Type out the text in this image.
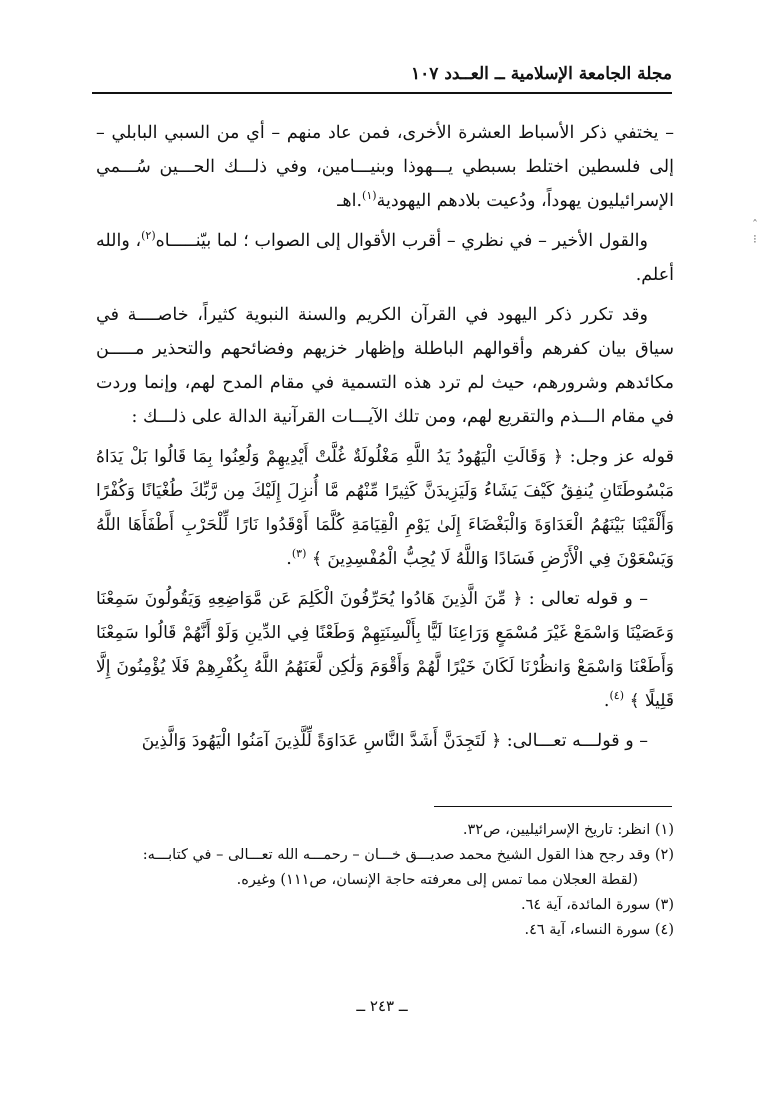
مجلة الجامعة الإسلامية ــ العــدد ١٠٧
ˆ
⁝

– يختفي ذكر الأسباط العشرة الأخرى، فمن عاد منهم – أي من السبي البابلي – إلى فلسطين اختلط بسبطي يـــهوذا وبنيـــامين، وفي ذلـــك الحـــين سُـــمي الإسرائيليون يهوداً، ودُعيت بلادهم اليهودية$^{(١)}$.اهـ

والقول الأخير – في نظري – أقرب الأقوال إلى الصواب ؛ لما بيّنـــــاه$^{(٢)}$، والله أعلم.

وقد تكرر ذكر اليهود في القرآن الكريم والسنة النبوية كثيراً، خاصــــة في سياق بيان كفرهم وأقوالهم الباطلة وإظهار خزيهم وفضائحهم والتحذير مـــــن مكائدهم وشرورهم، حيث لم ترد هذه التسمية في مقام المدح لهم، وإنما وردت في مقام الـــذم والتقريع لهم، ومن تلك الآيـــات القرآنية الدالة على ذلـــك :

قوله عز وجل: ﴿ وَقَالَتِ الْيَهُودُ يَدُ اللَّهِ مَغْلُولَةٌ غُلَّتْ أَيْدِيهِمْ وَلُعِنُوا بِمَا قَالُوا بَلْ يَدَاهُ مَبْسُوطَتَانِ يُنفِقُ كَيْفَ يَشَاءُ وَلَيَزِيدَنَّ كَثِيرًا مِّنْهُم مَّا أُنزِلَ إِلَيْكَ مِن رَّبِّكَ طُغْيَانًا وَكُفْرًا وَأَلْقَيْنَا بَيْنَهُمُ الْعَدَاوَةَ وَالْبَغْضَاءَ إِلَىٰ يَوْمِ الْقِيَامَةِ كُلَّمَا أَوْقَدُوا نَارًا لِّلْحَرْبِ أَطْفَأَهَا اللَّهُ وَيَسْعَوْنَ فِي الْأَرْضِ فَسَادًا وَاللَّهُ لَا يُحِبُّ الْمُفْسِدِينَ ﴾ $^{(٣)}$.

– و قوله تعالى : ﴿ مِّنَ الَّذِينَ هَادُوا يُحَرِّفُونَ الْكَلِمَ عَن مَّوَاضِعِهِ وَيَقُولُونَ سَمِعْنَا وَعَصَيْنَا وَاسْمَعْ غَيْرَ مُسْمَعٍ وَرَاعِنَا لَيًّا بِأَلْسِنَتِهِمْ وَطَعْنًا فِي الدِّينِ وَلَوْ أَنَّهُمْ قَالُوا سَمِعْنَا وَأَطَعْنَا وَاسْمَعْ وَانظُرْنَا لَكَانَ خَيْرًا لَّهُمْ وَأَقْوَمَ وَلَٰكِن لَّعَنَهُمُ اللَّهُ بِكُفْرِهِمْ فَلَا يُؤْمِنُونَ إِلَّا قَلِيلًا ﴾ $^{(٤)}$.

– و قولـــه تعـــالى: ﴿ لَتَجِدَنَّ أَشَدَّ النَّاسِ عَدَاوَةً لِّلَّذِينَ آمَنُوا الْيَهُودَ وَالَّذِينَ

(١) انظر: تاريخ الإسرائيليين، ص٣٢.
(٢) وقد رجح هذا القول الشيخ محمد صديـــق خـــان – رحمـــه الله تعـــالى – في كتابـــه:
(لقطة العجلان مما تمس إلى معرفته حاجة الإنسان، ص١١١) وغيره.
(٣) سورة المائدة، آية ٦٤.
(٤) سورة النساء، آية ٤٦.
ــ ٢٤٣ ــ
